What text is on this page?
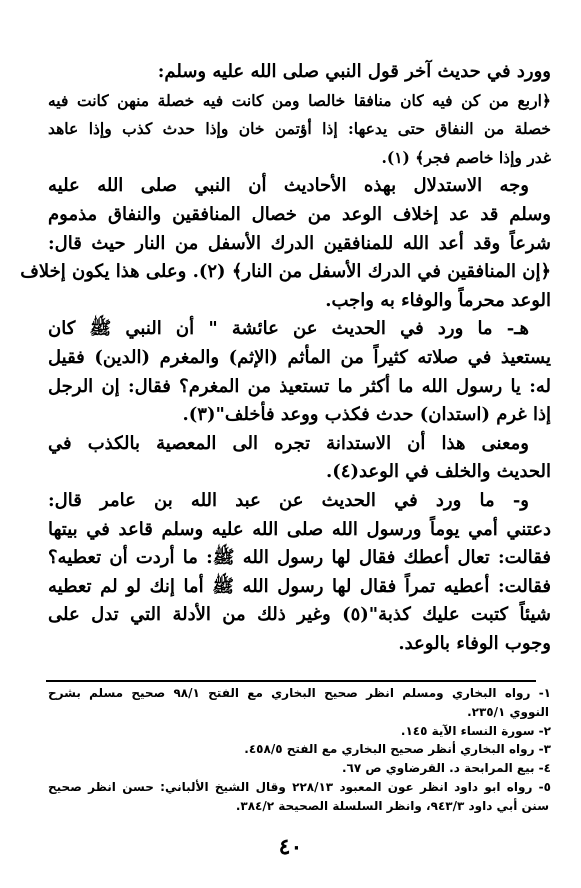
وورد في حديث آخر قول النبي صلى الله عليه وسلم:
﴿اربع من كن فيه كان منافقا خالصا ومن كانت فيه خصلة منهن كانت فيه
خصلة من النفاق حتى يدعها: إذا أؤتمن خان وإذا حدث كذب وإذا عاهد
غدر وإذا خاصم فجر﴾ (١).
وجه الاستدلال بهذه الأحاديث أن النبي صلى الله عليه
وسلم قد عد إخلاف الوعد من خصال المنافقين والنفاق مذموم
شرعاً وقد أعد الله للمنافقين الدرك الأسفل من النار حيث قال:
﴿إن المنافقين في الدرك الأسفل من النار﴾ (٢). وعلى هذا يكون إخلاف
الوعد محرماً والوفاء به واجب.
هـ- ما ورد في الحديث عن عائشة " أن النبي ﷺ كان
يستعيذ في صلاته كثيراً من المأثم (الإثم) والمغرم (الدين) فقيل
له: يا رسول الله ما أكثر ما تستعيذ من المغرم؟ فقال: إن الرجل
إذا غرم (استدان) حدث فكذب ووعد فأخلف"(٣).
ومعنى هذا أن الاستدانة تجره الى المعصية بالكذب في
الحديث والخلف في الوعد(٤).
و- ما ورد في الحديث عن عبد الله بن عامر قال:
دعتني أمي يوماً ورسول الله صلى الله عليه وسلم قاعد في بيتها
فقالت: تعال أعطك فقال لها رسول الله ﷺ: ما أردت أن تعطيه؟
فقالت: أعطيه تمراً فقال لها رسول الله ﷺ أما إنك لو لم تعطيه
شيئاً كتبت عليك كذبة"(٥) وغير ذلك من الأدلة التي تدل على
وجوب الوفاء بالوعد.
١- رواه البخاري ومسلم انظر صحيح البخاري مع الفتح ٩٨/١ صحيح مسلم بشرح
النووي ٢٣٥/١.
٢- سورة النساء الآية ١٤٥.
٣- رواه البخاري أنظر صحيح البخاري مع الفتح ٤٥٨/٥.
٤- بيع المرابحة د. القرضاوي ص ٦٧.
٥- رواه ابو داود انظر عون المعبود ٢٢٨/١٣ وقال الشيخ الألباني: حسن انظر صحيح
سنن أبي داود ٩٤٣/٣، وانظر السلسلة الصحيحة ٣٨٤/٢.
٤٠
